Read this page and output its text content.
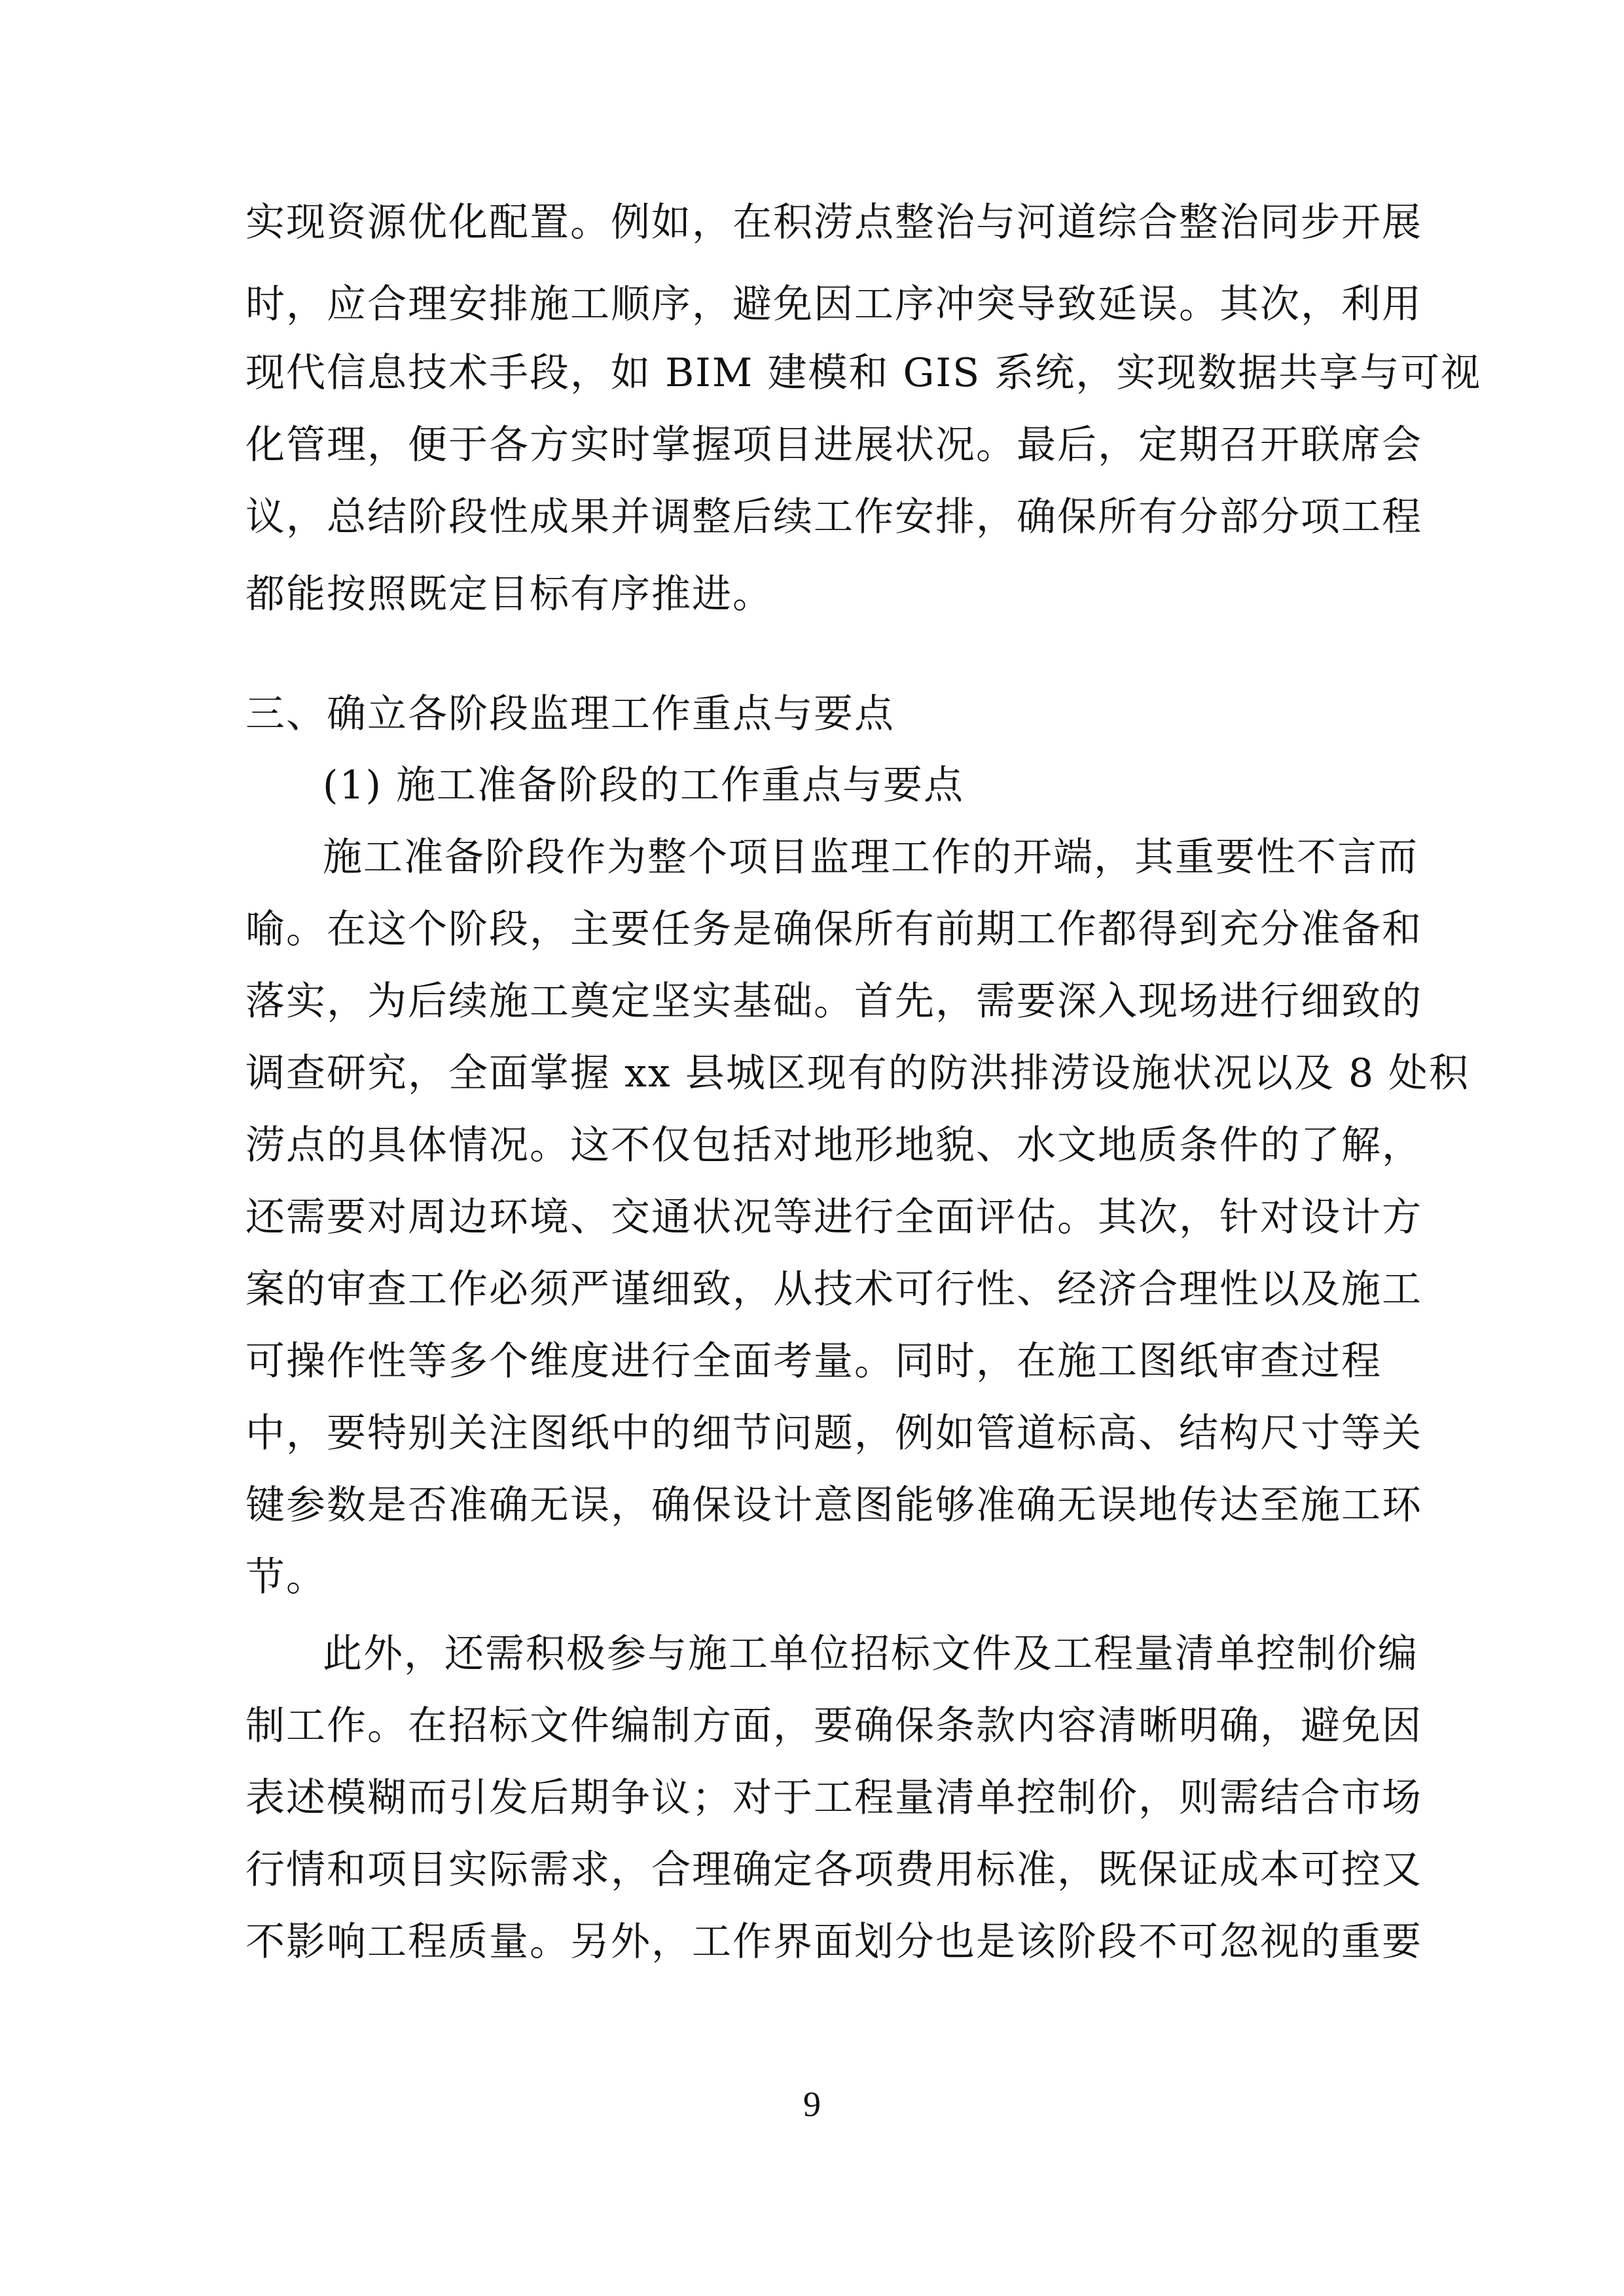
实现资源优化配置。例如，在积涝点整治与河道综合整治同步开展
时，应合理安排施工顺序，避免因工序冲突导致延误。其次，利用
现代信息技术手段，如 BIM 建模和 GIS 系统，实现数据共享与可视
化管理，便于各方实时掌握项目进展状况。最后，定期召开联席会
议，总结阶段性成果并调整后续工作安排，确保所有分部分项工程
都能按照既定目标有序推进。
三、确立各阶段监理工作重点与要点
(1) 施工准备阶段的工作重点与要点
施工准备阶段作为整个项目监理工作的开端，其重要性不言而
喻。在这个阶段，主要任务是确保所有前期工作都得到充分准备和
落实，为后续施工奠定坚实基础。首先，需要深入现场进行细致的
调查研究，全面掌握 xx 县城区现有的防洪排涝设施状况以及 8 处积
涝点的具体情况。这不仅包括对地形地貌、水文地质条件的了解，
还需要对周边环境、交通状况等进行全面评估。其次，针对设计方
案的审查工作必须严谨细致，从技术可行性、经济合理性以及施工
可操作性等多个维度进行全面考量。同时，在施工图纸审查过程
中，要特别关注图纸中的细节问题，例如管道标高、结构尺寸等关
键参数是否准确无误，确保设计意图能够准确无误地传达至施工环
节。
此外，还需积极参与施工单位招标文件及工程量清单控制价编
制工作。在招标文件编制方面，要确保条款内容清晰明确，避免因
表述模糊而引发后期争议；对于工程量清单控制价，则需结合市场
行情和项目实际需求，合理确定各项费用标准，既保证成本可控又
不影响工程质量。另外，工作界面划分也是该阶段不可忽视的重要
9
